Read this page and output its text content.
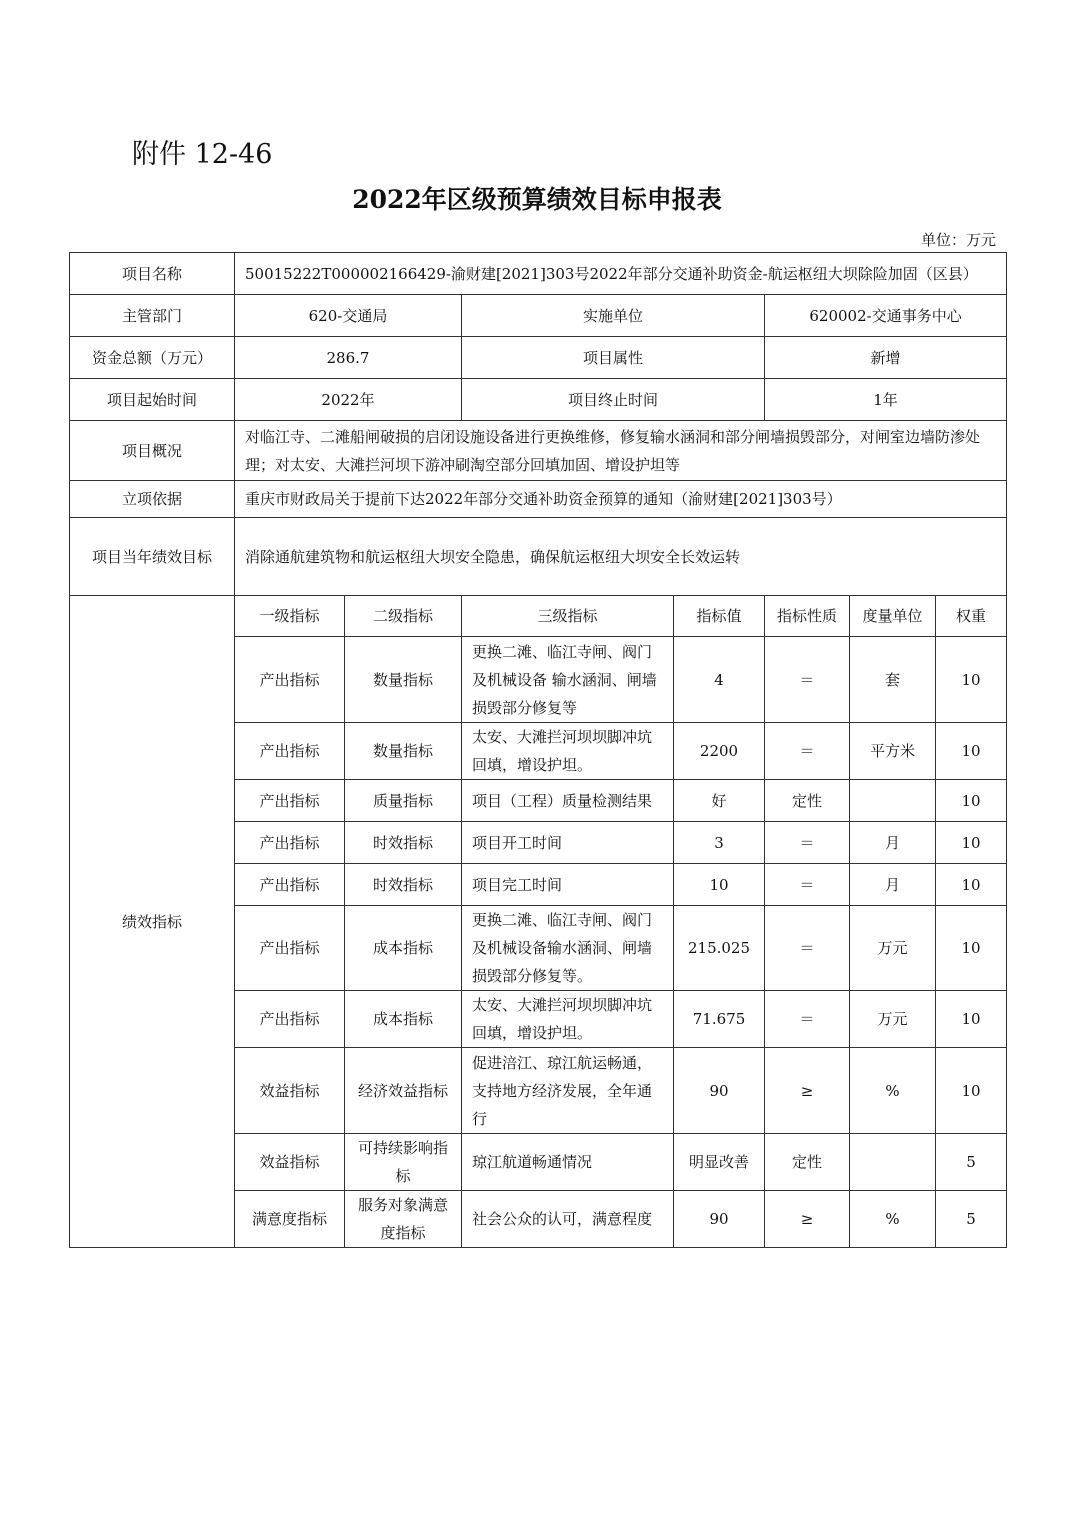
附件 12-46
2022年区级预算绩效目标申报表
单位：万元
项目名称	50015222T000002166429-渝财建[2021]303号2022年部分交通补助资金-航运枢纽大坝除险加固（区县）						
主管部门	620-交通局		实施单位		620002-交通事务中心		
资金总额（万元）	286.7		项目属性		新增		
项目起始时间	2022年		项目终止时间		1年		
项目概况	对临江寺、二滩船闸破损的启闭设施设备进行更换维修，修复输水涵洞和部分闸墙损毁部分，对闸室边墙防渗处理；对太安、大滩拦河坝下游冲刷淘空部分回填加固、增设护坦等						
立项依据	重庆市财政局关于提前下达2022年部分交通补助资金预算的通知（渝财建[2021]303号）						
项目当年绩效目标	消除通航建筑物和航运枢纽大坝安全隐患，确保航运枢纽大坝安全长效运转						
绩效指标	一级指标	二级指标	三级指标	指标值	指标性质	度量单位	权重
	产出指标	数量指标	更换二滩、临江寺闸、阀门及机械设备 输水涵洞、闸墙损毁部分修复等	4	＝	套	10
	产出指标	数量指标	太安、大滩拦河坝坝脚冲坑回填，增设护坦。	2200	＝	平方米	10
	产出指标	质量指标	项目（工程）质量检测结果	好	定性		10
	产出指标	时效指标	项目开工时间	3	＝	月	10
	产出指标	时效指标	项目完工时间	10	＝	月	10
	产出指标	成本指标	更换二滩、临江寺闸、阀门及机械设备输水涵洞、闸墙损毁部分修复等。	215.025	＝	万元	10
	产出指标	成本指标	太安、大滩拦河坝坝脚冲坑回填，增设护坦。	71.675	＝	万元	10
	效益指标	经济效益指标	促进涪江、琼江航运畅通，支持地方经济发展，全年通行	90	≥	%	10
	效益指标	可持续影响指标	琼江航道畅通情况	明显改善	定性		5
	满意度指标	服务对象满意度指标	社会公众的认可，满意程度	90	≥	%	5
